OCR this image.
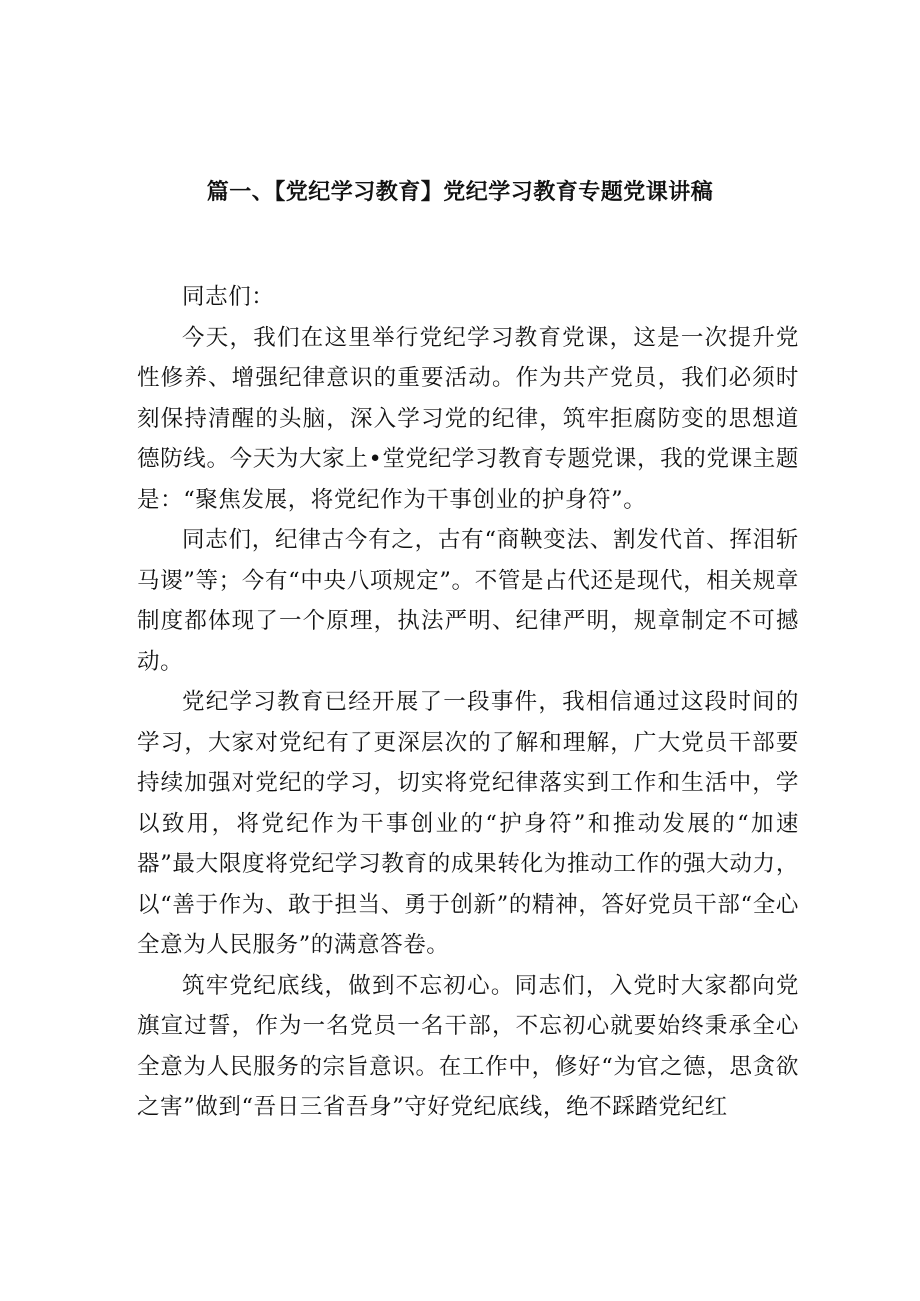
篇一、【党纪学习教育】党纪学习教育专题党课讲稿

同志们：

今天，我们在这里举行党纪学习教育党课，这是一次提升党性修养、增强纪律意识的重要活动。作为共产党员，我们必须时刻保持清醒的头脑，深入学习党的纪律，筑牢拒腐防变的思想道德防线。今天为大家上•堂党纪学习教育专题党课，我的党课主题是：“聚焦发展，将党纪作为干事创业的护身符”。

同志们，纪律古今有之，古有“商鞅变法、割发代首、挥泪斩马谡”等；今有“中央八项规定”。不管是占代还是现代，相关规章制度都体现了一个原理，执法严明、纪律严明，规章制定不可撼动。

党纪学习教育已经开展了一段事件，我相信通过这段时间的学习，大家对党纪有了更深层次的了解和理解，广大党员干部要持续加强对党纪的学习，切实将党纪律落实到工作和生活中，学以致用，将党纪作为干事创业的“护身符”和推动发展的“加速器”最大限度将党纪学习教育的成果转化为推动工作的强大动力，以“善于作为、敢于担当、勇于创新”的精神，答好党员干部“全心全意为人民服务”的满意答卷。

筑牢党纪底线，做到不忘初心。同志们，入党时大家都向党旗宣过誓，作为一名党员一名干部，不忘初心就要始终秉承全心全意为人民服务的宗旨意识。在工作中，修好“为官之德，思贪欲之害”做到“吾日三省吾身”守好党纪底线，绝不踩踏党纪红
